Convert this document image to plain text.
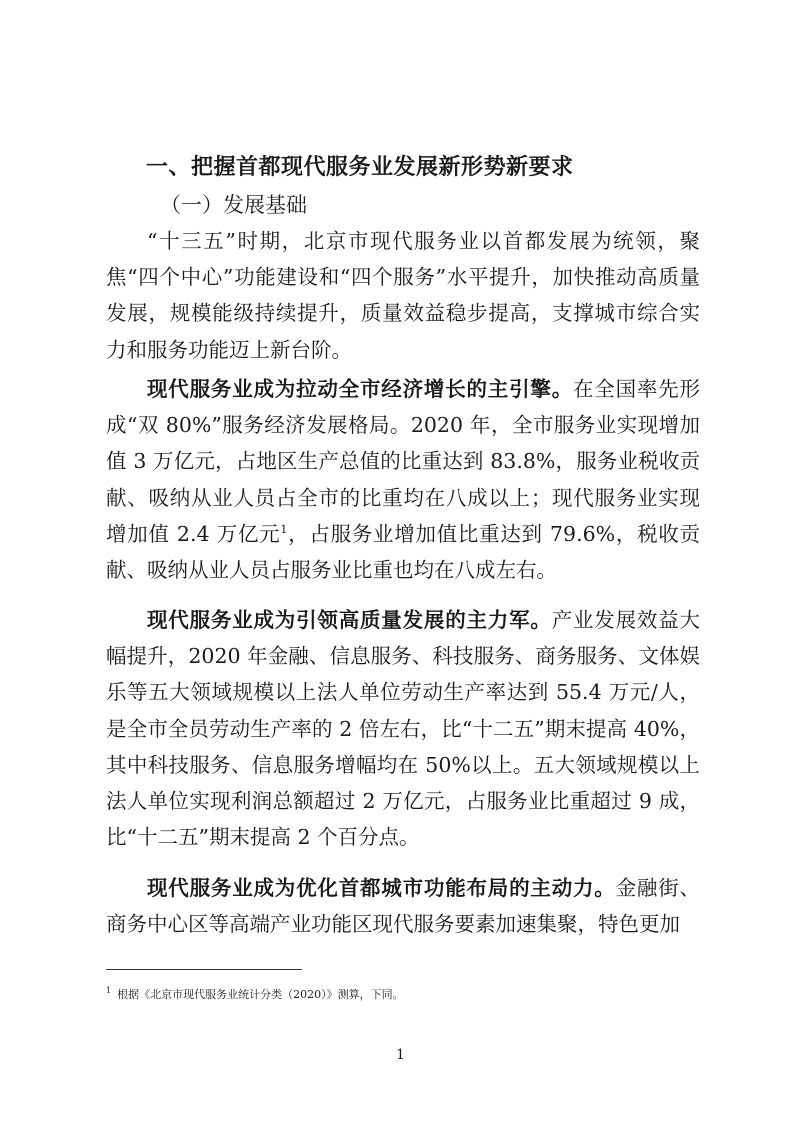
一、把握首都现代服务业发展新形势新要求
（一）发展基础

“十三五”时期，北京市现代服务业以首都发展为统领，聚焦“四个中心”功能建设和“四个服务”水平提升，加快推动高质量发展，规模能级持续提升，质量效益稳步提高，支撑城市综合实力和服务功能迈上新台阶。

现代服务业成为拉动全市经济增长的主引擎。在全国率先形成“双 80%”服务经济发展格局。2020 年，全市服务业实现增加值 3 万亿元，占地区生产总值的比重达到 83.8%，服务业税收贡献、吸纳从业人员占全市的比重均在八成以上；现代服务业实现增加值 2.4 万亿元$^1$，占服务业增加值比重达到 79.6%，税收贡献、吸纳从业人员占服务业比重也均在八成左右。

现代服务业成为引领高质量发展的主力军。产业发展效益大幅提升，2020 年金融、信息服务、科技服务、商务服务、文体娱乐等五大领域规模以上法人单位劳动生产率达到 55.4 万元/人，是全市全员劳动生产率的 2 倍左右，比“十二五”期末提高 40%，其中科技服务、信息服务增幅均在 50%以上。五大领域规模以上法人单位实现利润总额超过 2 万亿元，占服务业比重超过 9 成，比“十二五”期末提高 2 个百分点。

现代服务业成为优化首都城市功能布局的主动力。金融街、商务中心区等高端产业功能区现代服务要素加速集聚，特色更加

$^1$ 根据《北京市现代服务业统计分类（2020）》测算，下同。
1
